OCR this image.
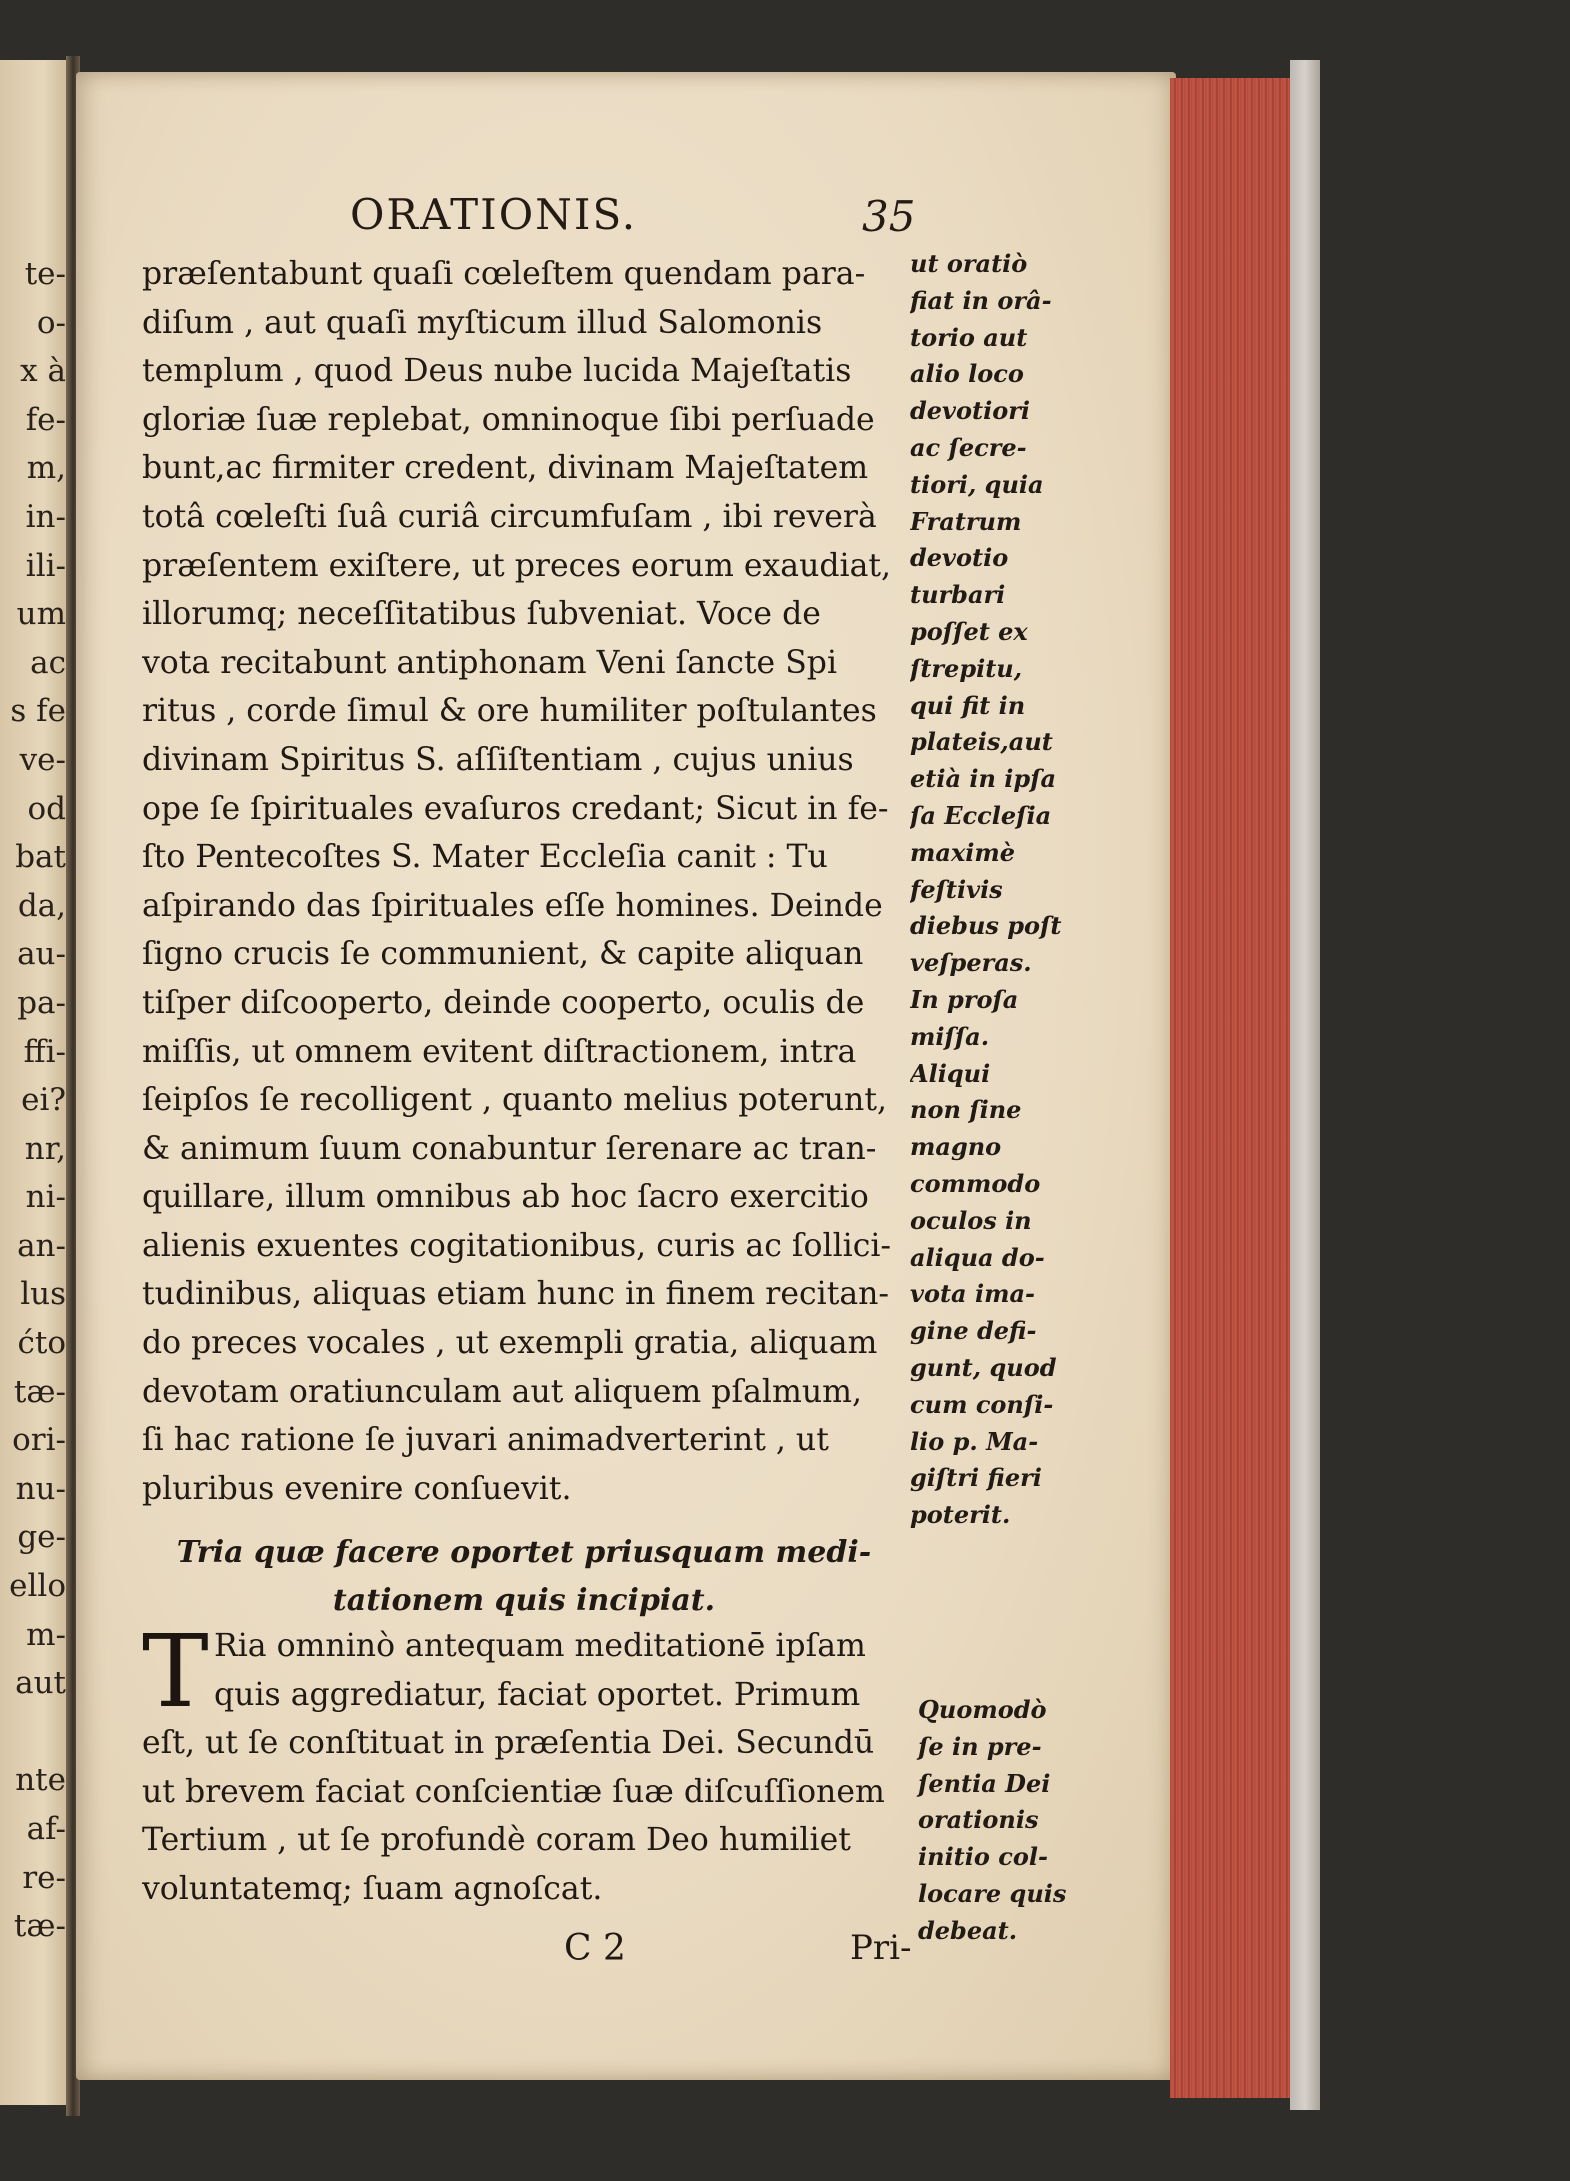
te-
o-
x à
fe-
m,
in-
ili-
um
ac
s fe
ve-
od
bat
da,
au-
pa-
ffi-
ei?
nr,
ni-
an-
lus
ćto
tæ-
ori-
nu-
ge-
ello
m-
aut
nte
af-
re-
tæ-
ORATIONIS.	35
præſentabunt quaſi cœleſtem quendam para-
diſum , aut quaſi myſticum illud Salomonis
templum , quod Deus nube lucida Majeſtatis
gloriæ ſuæ replebat, omninoque ſibi perſuade
bunt,ac firmiter credent, divinam Majeſtatem
totâ cœleſti ſuâ curiâ circumfuſam , ibi reverà
præſentem exiſtere, ut preces eorum exaudiat,
illorumq; neceſſitatibus ſubveniat. Voce de
vota recitabunt antiphonam Veni ſancte Spi
ritus , corde ſimul & ore humiliter poſtulantes
divinam Spiritus S. aſſiſtentiam , cujus unius
ope ſe ſpirituales evaſuros credant; Sicut in fe-
ſto Pentecoſtes S. Mater Eccleſia canit : Tu
aſpirando das ſpirituales eſſe homines. Deinde
ſigno crucis ſe communient, & capite aliquan
tiſper diſcooperto, deinde cooperto, oculis de
miſſis, ut omnem evitent diſtractionem, intra
ſeipſos ſe recolligent , quanto melius poterunt,
& animum ſuum conabuntur ſerenare ac tran-
quillare, illum omnibus ab hoc ſacro exercitio
alienis exuentes cogitationibus, curis ac ſollici-
tudinibus, aliquas etiam hunc in finem recitan-
do preces vocales , ut exempli gratia, aliquam
devotam oratiunculam aut aliquem pſalmum,
ſi hac ratione ſe juvari animadverterint , ut
pluribus evenire conſuevit.
ut oratiò
fiat in orâ-
torio aut
alio loco
devotiori
ac ſecre-
tiori, quia
Fratrum
devotio
turbari
poſſet ex
ſtrepitu,
qui fit in
plateis,aut
etià in ipſa
ſa Eccleſia
maximè
feſtivis
diebus poſt
veſperas.
In proſa
miſſa.
Aliqui
non ſine
magno
commodo
oculos in
aliqua do-
vota ima-
gine defi-
gunt, quod
cum conſi-
lio p. Ma-
giſtri fieri
poterit.
Tria quæ facere oportet priusquam medi-
tationem quis incipiat.
T Ria omninò antequam meditationē ipſam
quis aggrediatur, faciat oportet. Primum
eſt, ut ſe conſtituat in præſentia Dei. Secundū
ut brevem faciat conſcientiæ ſuæ diſcuſſionem
Tertium , ut ſe profundè coram Deo humiliet
voluntatemq; ſuam agnoſcat.
Quomodò
ſe in pre-
ſentia Dei
orationis
initio col-
locare quis
debeat.
C 2	Pri-
